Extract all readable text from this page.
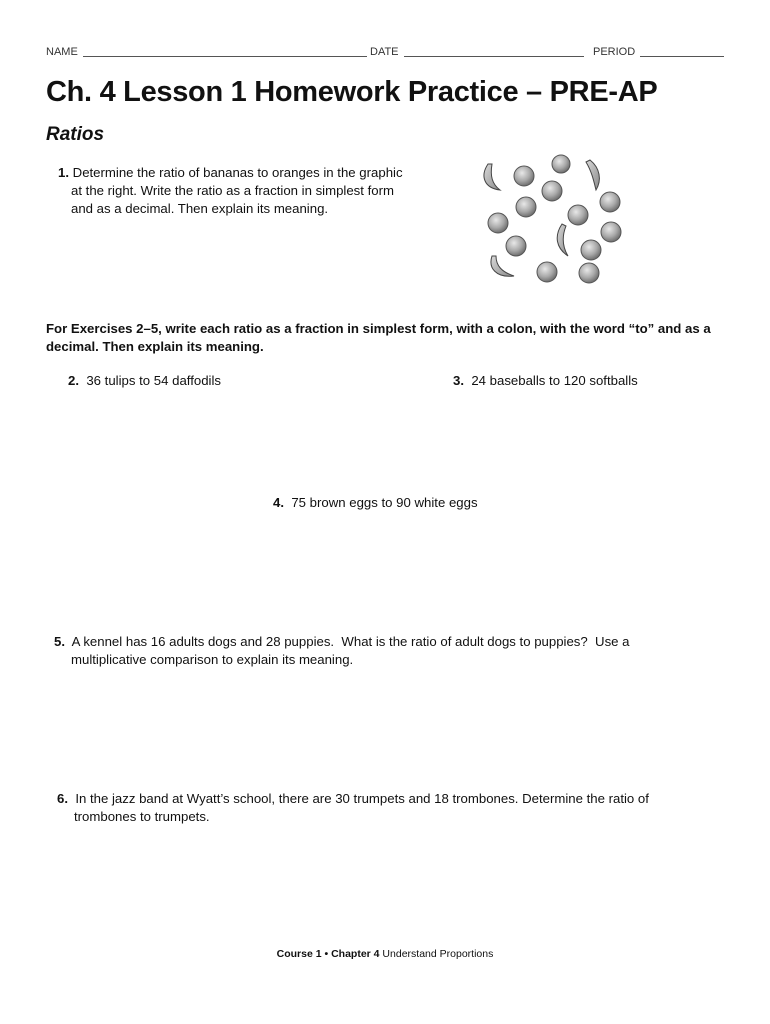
NAME	DATE	PERIOD
Ch. 4 Lesson 1 Homework Practice – PRE-AP
Ratios
1. Determine the ratio of bananas to oranges in the graphic
at the right. Write the ratio as a fraction in simplest form
and as a decimal. Then explain its meaning.
For Exercises 2–5, write each ratio as a fraction in simplest form, with a colon, with the word “to” and as a decimal. Then explain its meaning.
2.  36 tulips to 54 daffodils	3.  24 baseballs to 120 softballs
4.  75 brown eggs to 90 white eggs
5.  A kennel has 16 adults dogs and 28 puppies.  What is the ratio of adult dogs to puppies?  Use a
multiplicative comparison to explain its meaning.
6.  In the jazz band at Wyatt’s school, there are 30 trumpets and 18 trombones. Determine the ratio of
trombones to trumpets.
Course 1 • Chapter 4 Understand Proportions
